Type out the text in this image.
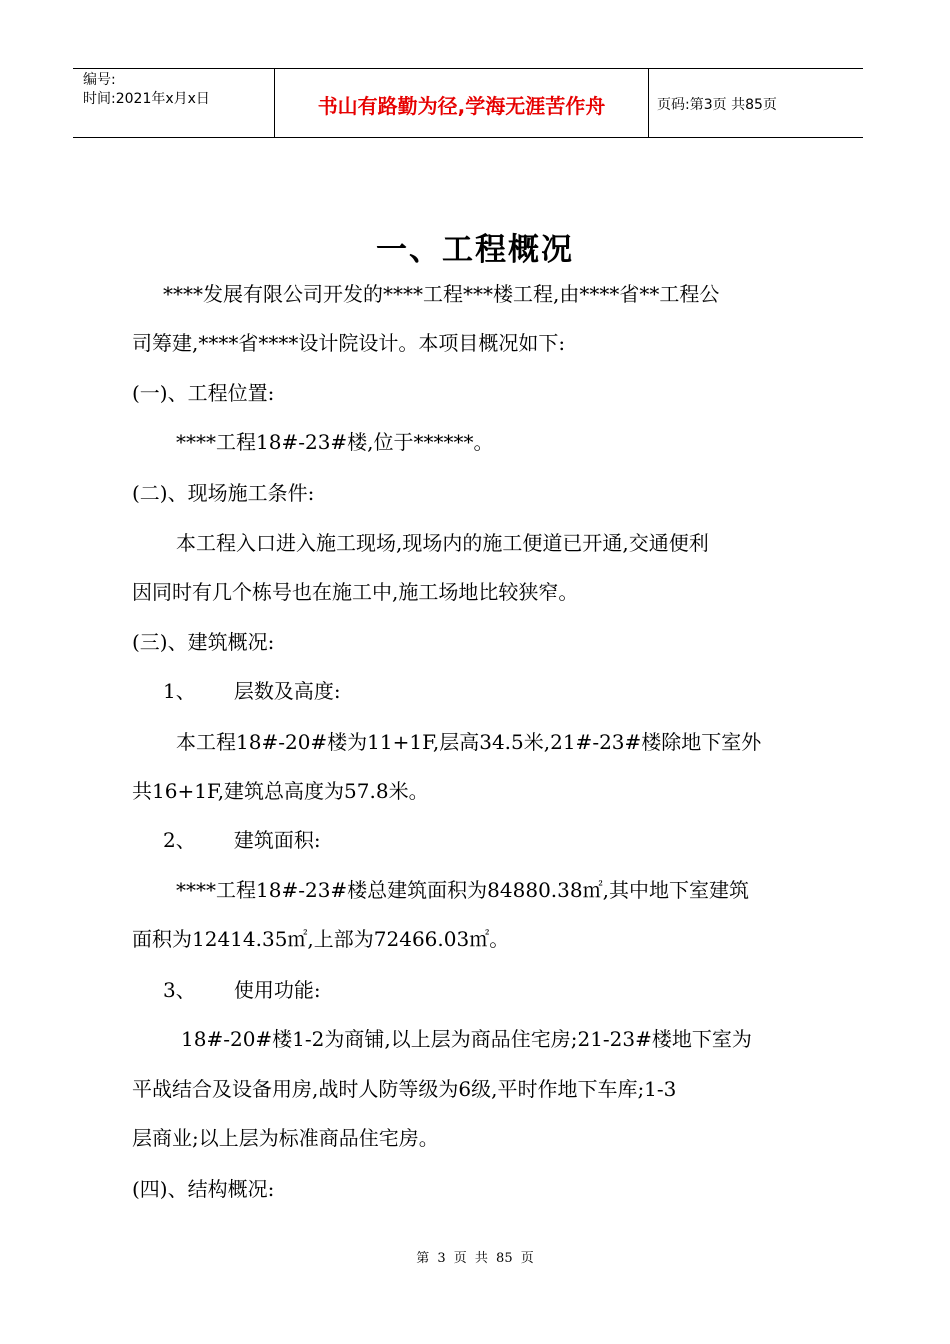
编号:
时间:2021年x月x日	书山有路勤为径,学海无涯苦作舟	页码:第3页 共85页
一、工程概况
****发展有限公司开发的****工程***楼工程,由****省**工程公
司筹建,****省****设计院设计。本项目概况如下:
(一)、工程位置:
****工程18#-23#楼,位于******。
(二)、现场施工条件:
本工程入口进入施工现场,现场内的施工便道已开通,交通便利
因同时有几个栋号也在施工中,施工场地比较狭窄。
(三)、建筑概况:
1、      层数及高度:
本工程18#-20#楼为11+1F,层高34.5米,21#-23#楼除地下室外
共16+1F,建筑总高度为57.8米。
2、      建筑面积:
****工程18#-23#楼总建筑面积为84880.38㎡,其中地下室建筑
面积为12414.35㎡,上部为72466.03㎡。
3、      使用功能:
18#-20#楼1-2为商铺,以上层为商品住宅房;21-23#楼地下室为
平战结合及设备用房,战时人防等级为6级,平时作地下车库;1-3
层商业;以上层为标准商品住宅房。
(四)、结构概况:
第 3 页 共 85 页
